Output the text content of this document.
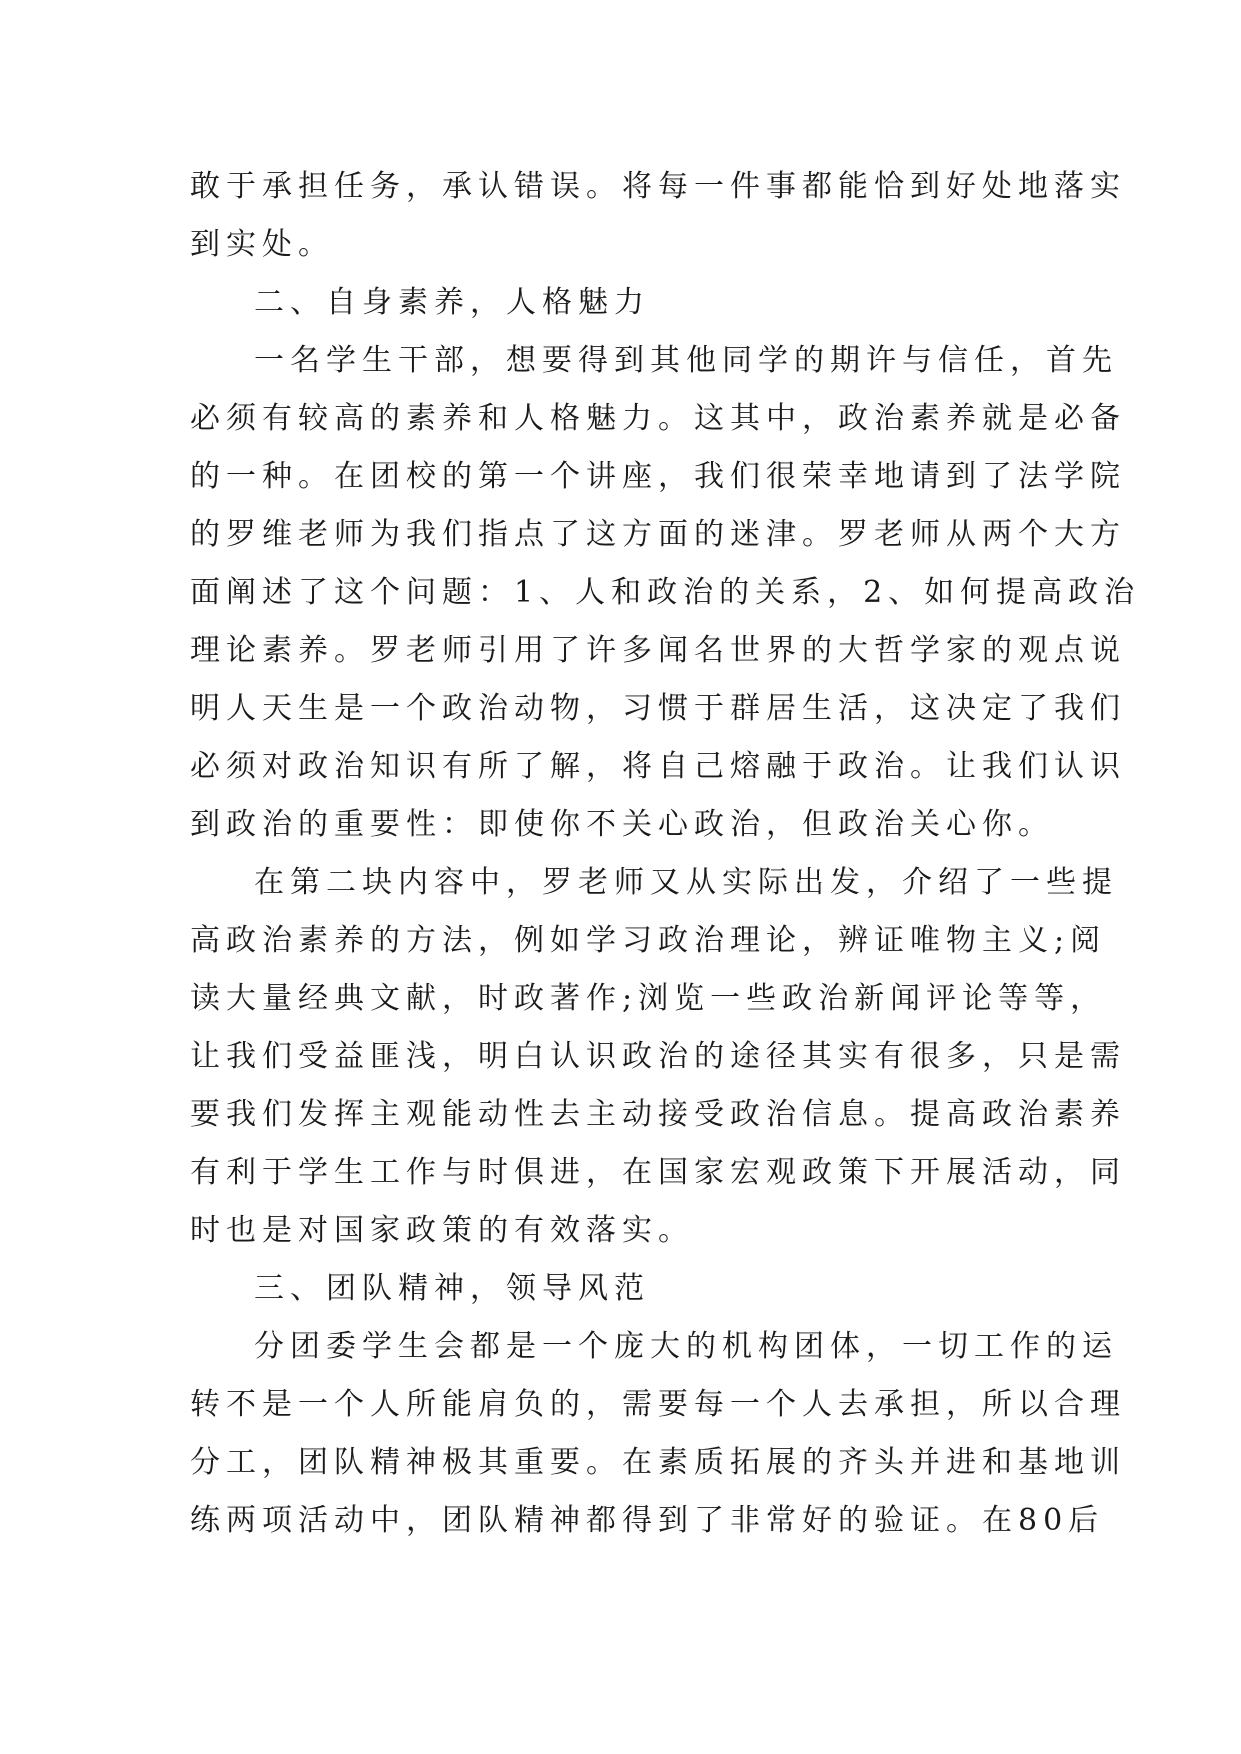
敢于承担任务，承认错误。将每一件事都能恰到好处地落实
到实处。
二、自身素养，人格魅力
一名学生干部，想要得到其他同学的期许与信任，首先
必须有较高的素养和人格魅力。这其中，政治素养就是必备
的一种。在团校的第一个讲座，我们很荣幸地请到了法学院
的罗维老师为我们指点了这方面的迷津。罗老师从两个大方
面阐述了这个问题：1、人和政治的关系，2、如何提高政治
理论素养。罗老师引用了许多闻名世界的大哲学家的观点说
明人天生是一个政治动物，习惯于群居生活，这决定了我们
必须对政治知识有所了解，将自己熔融于政治。让我们认识
到政治的重要性：即使你不关心政治，但政治关心你。
在第二块内容中，罗老师又从实际出发，介绍了一些提
高政治素养的方法，例如学习政治理论，辨证唯物主义;阅
读大量经典文献，时政著作;浏览一些政治新闻评论等等，
让我们受益匪浅，明白认识政治的途径其实有很多，只是需
要我们发挥主观能动性去主动接受政治信息。提高政治素养
有利于学生工作与时俱进，在国家宏观政策下开展活动，同
时也是对国家政策的有效落实。
三、团队精神，领导风范
分团委学生会都是一个庞大的机构团体，一切工作的运
转不是一个人所能肩负的，需要每一个人去承担，所以合理
分工，团队精神极其重要。在素质拓展的齐头并进和基地训
练两项活动中，团队精神都得到了非常好的验证。在80后
